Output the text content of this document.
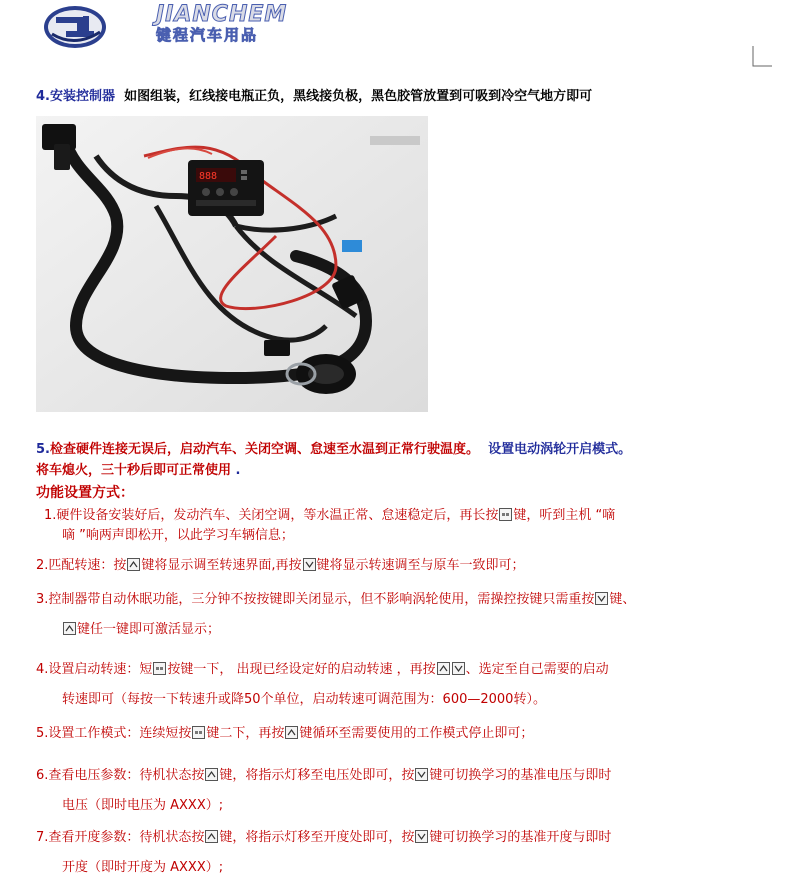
JIANCHEM
键程汽车用品
4.安装控制器 如图组装，红线接电瓶正负，黑线接负极，黑色胶管放置到可吸到冷空气地方即可
888
5.检查硬件连接无误后，启动汽车、关闭空调、怠速至水温到正常行驶温度。 设置电动涡轮开启模式。
将车熄火，三十秒后即可正常使用 .
功能设置方式：
1.硬件设备安装好后，发动汽车、关闭空调，等水温正常、怠速稳定后，再长按 键，听到主机 “嘀
嘀 ”响两声即松开，以此学习车辆信息；
2.匹配转速：按 键将显示调至转速界面,再按 键将显示转速调至与原车一致即可；
3.控制器带自动休眠功能，三分钟不按按键即关闭显示，但不影响涡轮使用，需操控按键只需重按 键、
键任一键即可激活显示；
4.设置启动转速：短 按键一下， 出现已经设定好的启动转速 ，再按 、选定至自己需要的启动
转速即可（每按一下转速升或降50个单位，启动转速可调范围为：600—2000转）。
5.设置工作模式：连续短按 键二下，再按 键循环至需要使用的工作模式停止即可；
6.查看电压参数：待机状态按 键，将指示灯移至电压处即可，按 键可切换学习的基准电压与即时
电压（即时电压为 AXXX）;
7.查看开度参数：待机状态按 键，将指示灯移至开度处即可，按 键可切换学习的基准开度与即时
开度（即时开度为 AXXX）;
